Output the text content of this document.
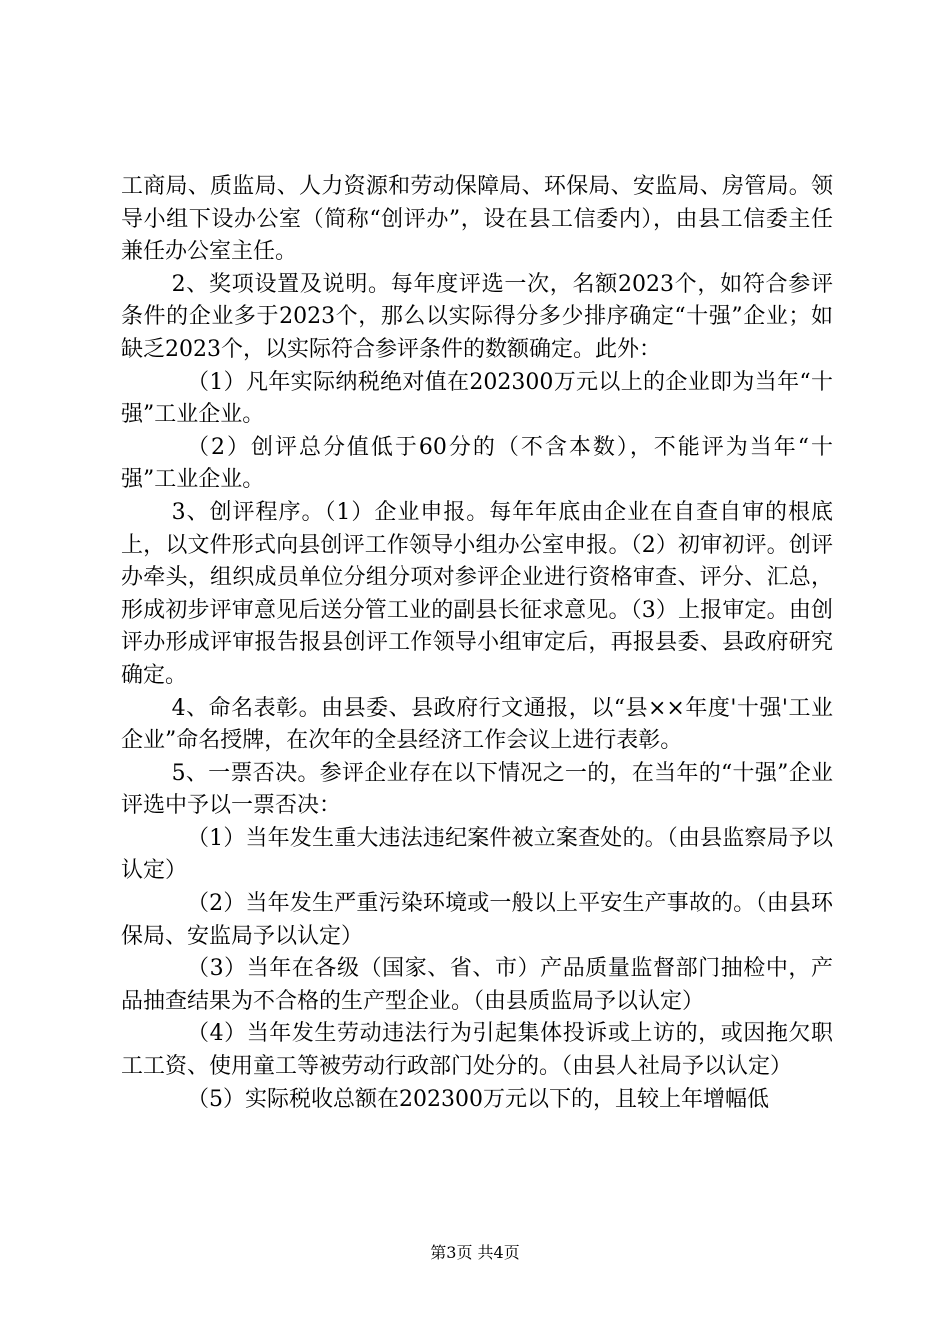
工商局、质监局、人力资源和劳动保障局、环保局、安监局、房管局。领导小组下设办公室（简称“创评办”，设在县工信委内），由县工信委主任兼任办公室主任。

2、奖项设置及说明。每年度评选一次，名额2023个，如符合参评条件的企业多于2023个，那么以实际得分多少排序确定“十强”企业；如缺乏2023个，以实际符合参评条件的数额确定。此外：

（1）凡年实际纳税绝对值在202300万元以上的企业即为当年“十强”工业企业。

（2）创评总分值低于60分的（不含本数），不能评为当年“十强”工业企业。

3、创评程序。（1）企业申报。每年年底由企业在自查自审的根底上，以文件形式向县创评工作领导小组办公室申报。（2）初审初评。创评办牵头，组织成员单位分组分项对参评企业进行资格审查、评分、汇总，形成初步评审意见后送分管工业的副县长征求意见。（3）上报审定。由创评办形成评审报告报县创评工作领导小组审定后，再报县委、县政府研究确定。

4、命名表彰。由县委、县政府行文通报，以“县××年度'十强'工业企业”命名授牌，在次年的全县经济工作会议上进行表彰。

5、一票否决。参评企业存在以下情况之一的，在当年的“十强”企业评选中予以一票否决：

（1）当年发生重大违法违纪案件被立案查处的。（由县监察局予以认定）

（2）当年发生严重污染环境或一般以上平安生产事故的。（由县环保局、安监局予以认定）

（3）当年在各级（国家、省、市）产品质量监督部门抽检中，产品抽查结果为不合格的生产型企业。（由县质监局予以认定）

（4）当年发生劳动违法行为引起集体投诉或上访的，或因拖欠职工工资、使用童工等被劳动行政部门处分的。（由县人社局予以认定）

（5）实际税收总额在202300万元以下的，且较上年增幅低

第3页 共4页
